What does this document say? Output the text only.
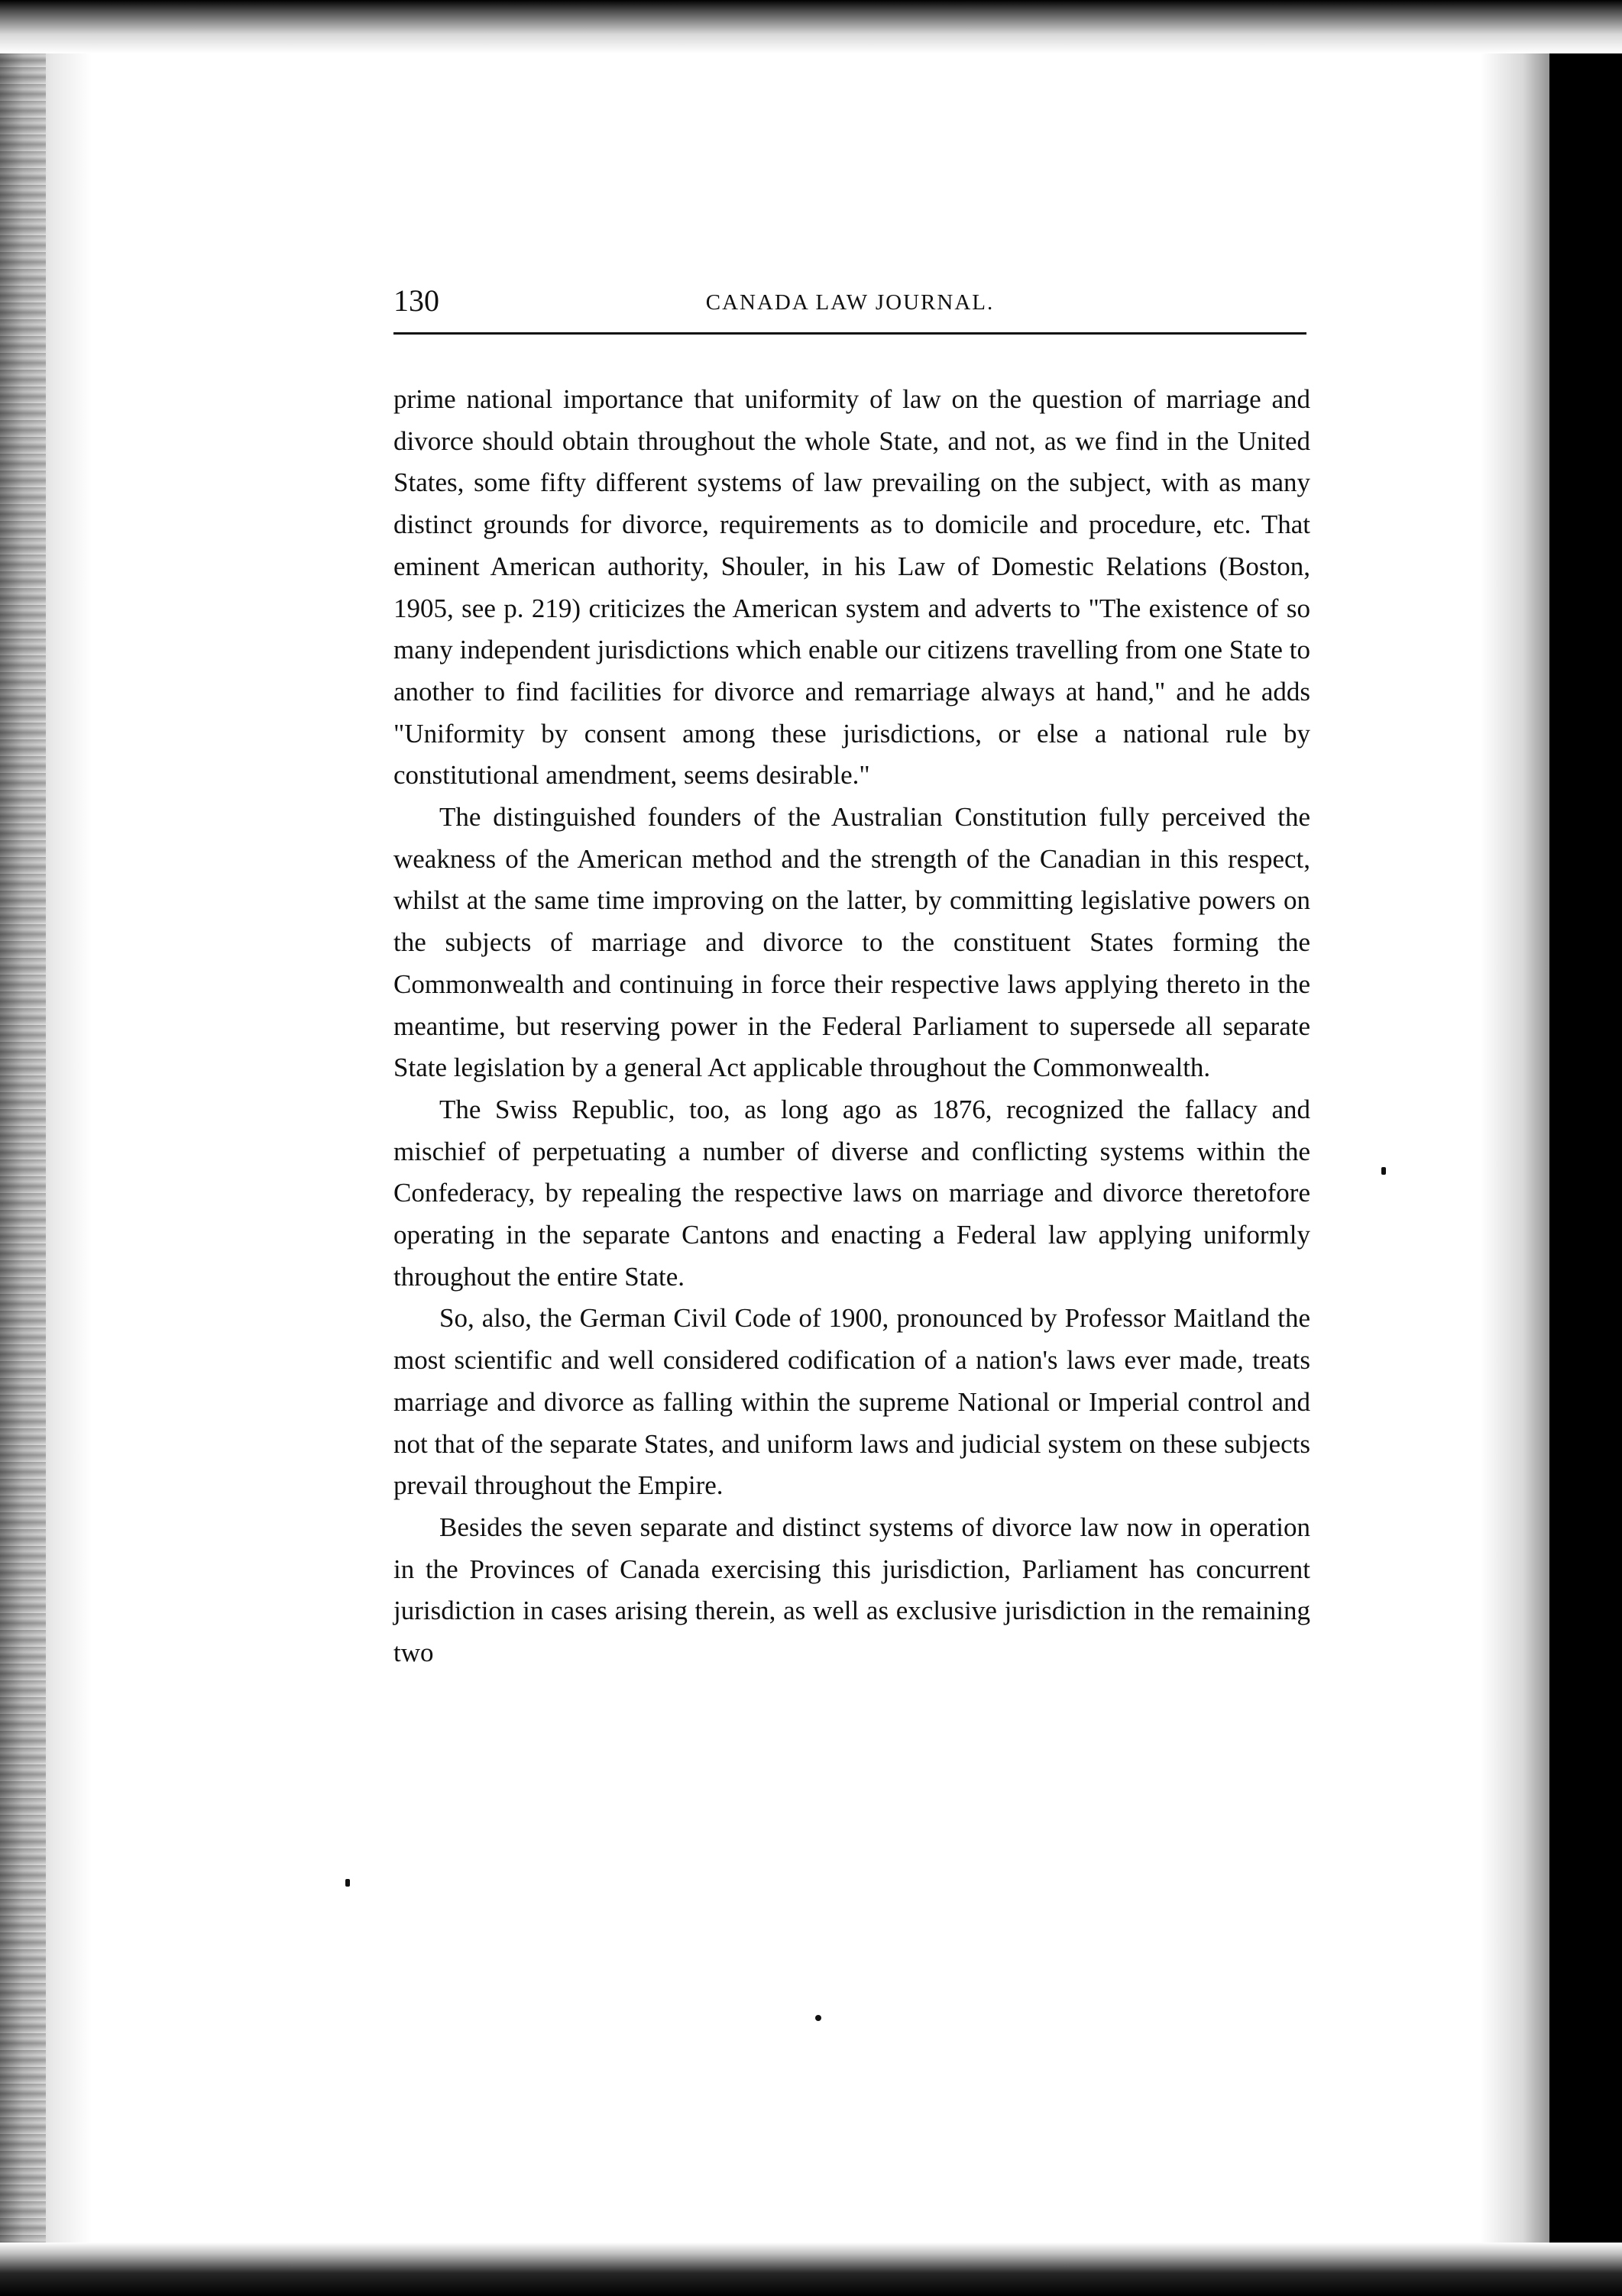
130	CANADA LAW JOURNAL.

prime national importance that uniformity of law on the question of marriage and divorce should obtain throughout the whole State, and not, as we find in the United States, some fifty different systems of law prevailing on the subject, with as many distinct grounds for divorce, requirements as to domicile and procedure, etc. That eminent American authority, Shouler, in his Law of Domestic Relations (Boston, 1905, see p. 219) criticizes the American system and adverts to "The existence of so many independent jurisdictions which enable our citizens travelling from one State to another to find facilities for divorce and remarriage always at hand," and he adds "Uniformity by consent among these jurisdictions, or else a national rule by constitutional amendment, seems desirable."

The distinguished founders of the Australian Constitution fully perceived the weakness of the American method and the strength of the Canadian in this respect, whilst at the same time improving on the latter, by committing legislative powers on the subjects of marriage and divorce to the constituent States forming the Commonwealth and continuing in force their respective laws applying thereto in the meantime, but reserving power in the Federal Parliament to supersede all separate State legislation by a general Act applicable throughout the Commonwealth.

The Swiss Republic, too, as long ago as 1876, recognized the fallacy and mischief of perpetuating a number of diverse and conflicting systems within the Confederacy, by repealing the respective laws on marriage and divorce theretofore operating in the separate Cantons and enacting a Federal law applying uniformly throughout the entire State.

So, also, the German Civil Code of 1900, pronounced by Professor Maitland the most scientific and well considered codification of a nation's laws ever made, treats marriage and divorce as falling within the supreme National or Imperial control and not that of the separate States, and uniform laws and judicial system on these subjects prevail throughout the Empire.

Besides the seven separate and distinct systems of divorce law now in operation in the Provinces of Canada exercising this jurisdiction, Parliament has concurrent jurisdiction in cases arising therein, as well as exclusive jurisdiction in the remaining two
